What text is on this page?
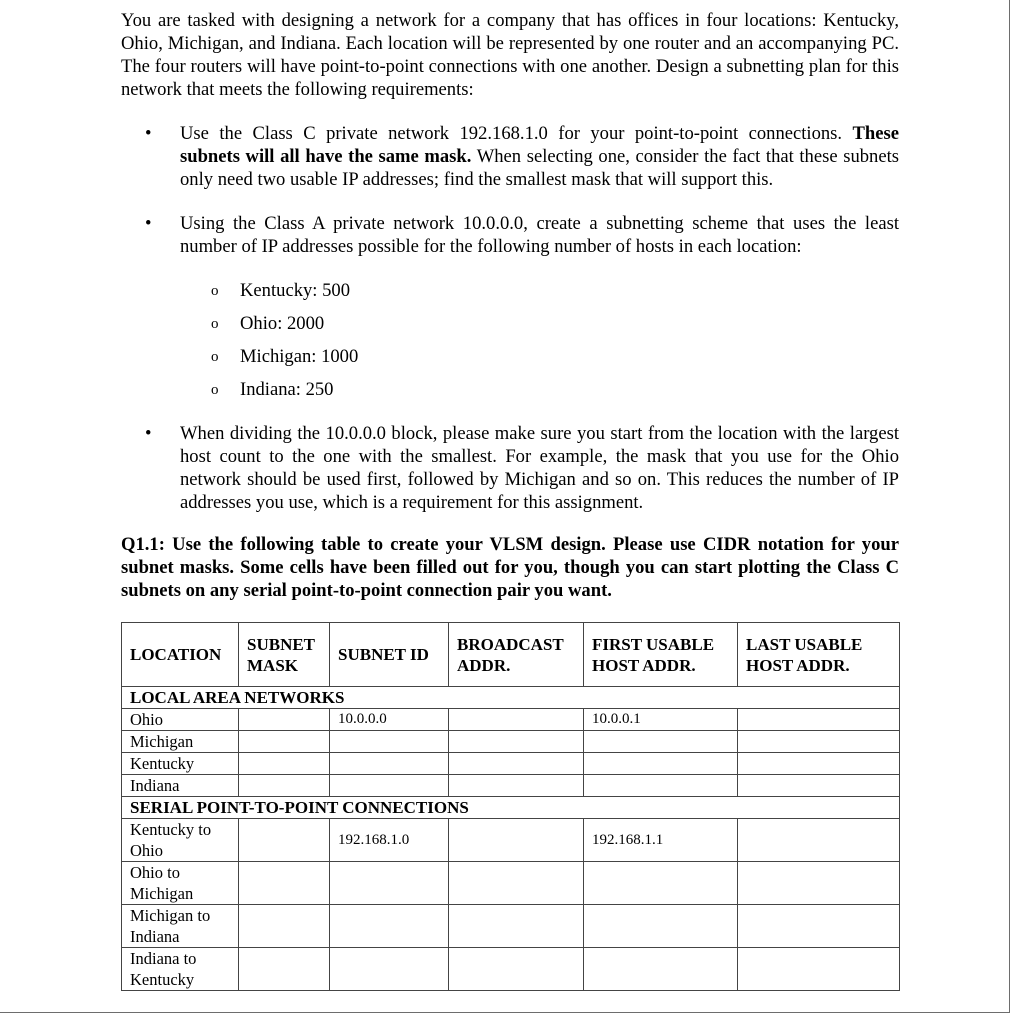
You are tasked with designing a network for a company that has offices in four locations: Kentucky, Ohio, Michigan, and Indiana. Each location will be represented by one router and an accompanying PC. The four routers will have point-to-point connections with one another. Design a subnetting plan for this network that meets the following requirements:

• Use the Class C private network 192.168.1.0 for your point-to-point connections. These subnets will all have the same mask. When selecting one, consider the fact that these subnets only need two usable IP addresses; find the smallest mask that will support this.

• Using the Class A private network 10.0.0.0, create a subnetting scheme that uses the least number of IP addresses possible for the following number of hosts in each location:

o Kentucky: 500

o Ohio: 2000

o Michigan: 1000

o Indiana: 250

• When dividing the 10.0.0.0 block, please make sure you start from the location with the largest host count to the one with the smallest. For example, the mask that you use for the Ohio network should be used first, followed by Michigan and so on. This reduces the number of IP addresses you use, which is a requirement for this assignment.

Q1.1: Use the following table to create your VLSM design. Please use CIDR notation for your subnet masks. Some cells have been filled out for you, though you can start plotting the Class C subnets on any serial point-to-point connection pair you want.

LOCATION	SUBNET MASK	SUBNET ID	BROADCAST ADDR.	FIRST USABLE HOST ADDR.	LAST USABLE HOST ADDR.
LOCAL AREA NETWORKS					
Ohio		10.0.0.0		10.0.0.1	
Michigan					
Kentucky					
Indiana					
SERIAL POINT-TO-POINT CONNECTIONS					
Kentucky to Ohio		192.168.1.0		192.168.1.1	
Ohio to Michigan					
Michigan to Indiana					
Indiana to Kentucky					
